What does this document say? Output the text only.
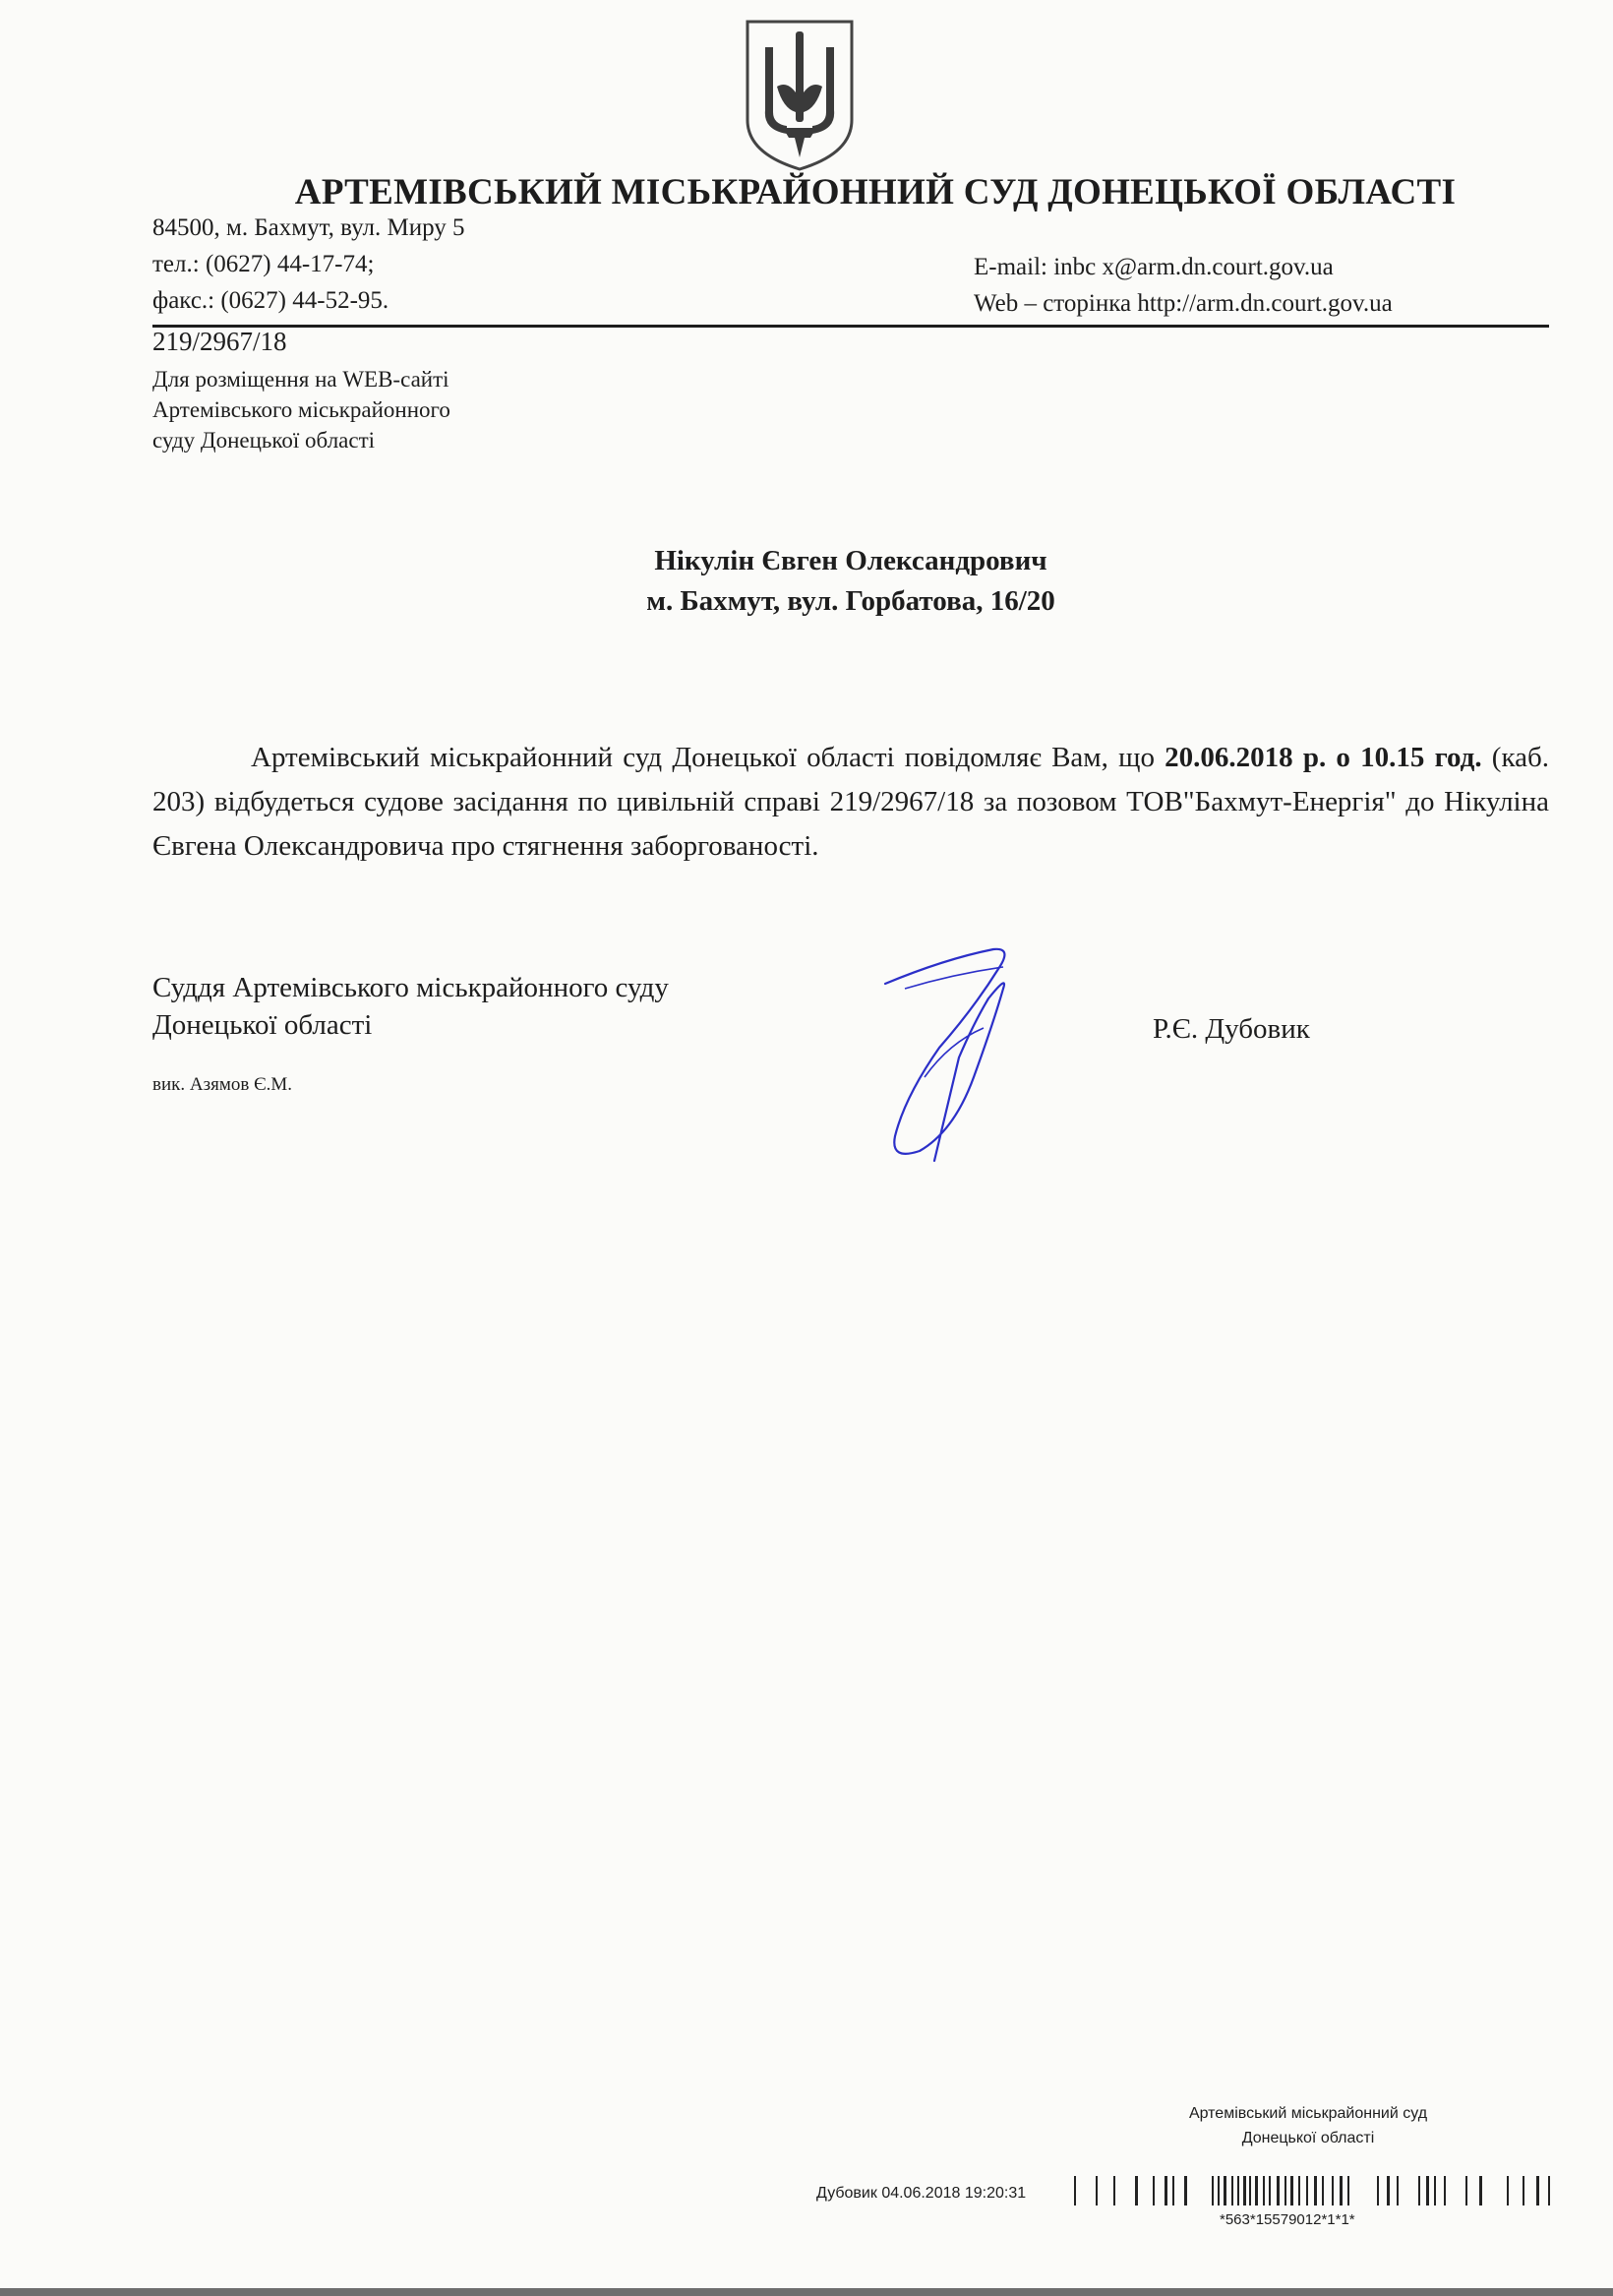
АРТЕМІВСЬКИЙ МІСЬКРАЙОННИЙ СУД ДОНЕЦЬКОЇ ОБЛАСТІ
84500, м. Бахмут, вул. Миру 5
тел.: (0627) 44-17-74;
факс.: (0627) 44-52-95.
E-mail: inbc x@arm.dn.court.gov.ua
Web – сторінка http://arm.dn.court.gov.ua
219/2967/18
Для розміщення на WEB-сайті
Артемівського міськрайонного
суду Донецької області
Нікулін Євген Олександрович
м. Бахмут, вул. Горбатова, 16/20
Артемівський міськрайонний суд Донецької області повідомляє Вам, що 20.06.2018 р. о 10.15 год. (каб. 203) відбудеться судове засідання по цивільній справі 219/2967/18 за позовом ТОВ"Бахмут-Енергія" до Нікуліна Євгена Олександровича про стягнення заборгованості.
Суддя Артемівського міськрайонного суду
Донецької області	Р.Є. Дубовик
вик. Азямов Є.М.
Артемівський міськрайонний суд
Донецької області
Дубовик 04.06.2018 19:20:31
*563*15579012*1*1*
